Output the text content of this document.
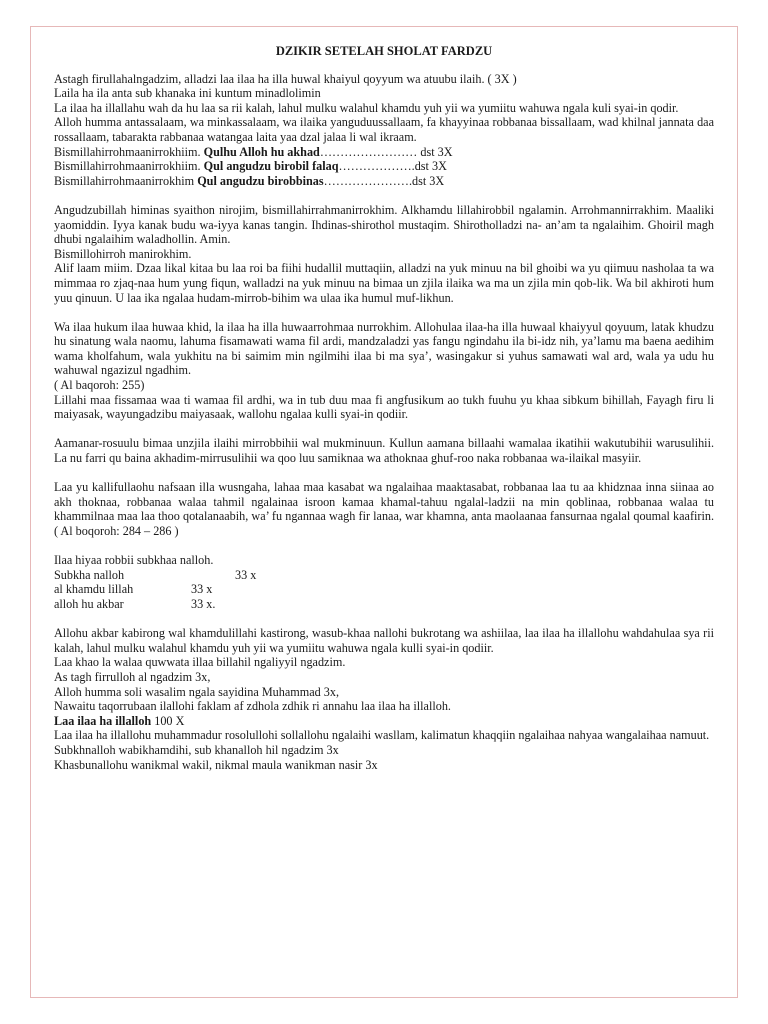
DZIKIR SETELAH SHOLAT FARDZU

Astagh firullahalngadzim, alladzi laa ilaa ha illa huwal khaiyul qoyyum wa atuubu ilaih. ( 3X )

Laila ha ila anta sub khanaka ini kuntum minadlolimin

La ilaa ha illallahu wah da hu laa sa rii kalah, lahul mulku walahul khamdu yuh yii wa yumiitu wahuwa ngala kuli syai-in qodir.

Alloh humma antassalaam, wa minkassalaam, wa ilaika yanguduussallaam, fa khayyinaa robbanaa bissallaam, wad khilnal jannata daa rossallaam, tabarakta rabbanaa watangaa laita yaa dzal jalaa li wal ikraam.

Bismillahirrohmaanirrokhiim. Qulhu Alloh hu akhad…………………… dst 3X

Bismillahirrohmaanirrokhiim. Qul angudzu birobil falaq……………….dst 3X

Bismillahirrohmaanirrokhim Qul angudzu birobbinas………………….dst 3X

Angudzubillah himinas syaithon nirojim, bismillahirrahmanirrokhim. Alkhamdu lillahirobbil ngalamin. Arrohmannirrakhim. Maaliki yaomiddin. Iyya kanak budu wa-iyya kanas tangin. Ihdinas-shirothol mustaqim. Shirotholladzi na- an’am ta ngalaihim. Ghoiril magh dhubi ngalaihim waladhollin. Amin.

Bismillohirroh manirokhim.

Alif laam miim. Dzaa likal kitaa bu laa roi ba fiihi hudallil muttaqiin, alladzi na yuk minuu na bil ghoibi wa yu qiimuu nasholaa ta wa mimmaa ro zjaq-naa hum yung fiqun, walladzi na yuk minuu na bimaa un zjila ilaika wa ma un zjila min qob-lik. Wa bil akhiroti hum yuu qinuun. U laa ika ngalaa hudam-mirrob-bihim wa ulaa ika humul muf-likhun.

Wa ilaa hukum ilaa huwaa khid, la ilaa ha illa huwaarrohmaa nurrokhim. Allohulaa ilaa-ha illa huwaal khaiyyul qoyuum, latak khudzu hu sinatung wala naomu, lahuma fisamawati wama fil ardi, mandzaladzi yas fangu ngindahu ila bi-idz nih, ya’lamu ma baena aedihim wama kholfahum, wala yukhitu na bi saimim min ngilmihi ilaa bi ma sya’, wasingakur si yuhus samawati wal ard, wala ya udu hu wahuwal ngazizul ngadhim.

( Al baqoroh: 255)

Lillahi maa fissamaa waa ti wamaa fil ardhi, wa in tub duu maa fi angfusikum ao tukh fuuhu yu khaa sibkum bihillah, Fayagh firu li maiyasak, wayungadzibu maiyasaak, wallohu ngalaa kulli syai-in qodiir.

Aamanar-rosuulu bimaa unzjila ilaihi mirrobbihii wal mukminuun. Kullun aamana billaahi wamalaa ikatihii wakutubihii warusulihii. La nu farri qu baina akhadim-mirrusulihii wa qoo luu samiknaa wa athoknaa ghuf-roo naka robbanaa wa-ilaikal masyiir.

Laa yu kallifullaohu nafsaan illa wusngaha, lahaa maa kasabat wa ngalaihaa maaktasabat, robbanaa laa tu aa khidznaa inna siinaa ao akh thoknaa, robbanaa walaa tahmil ngalainaa isroon kamaa khamal-tahuu ngalal-ladzii na min qoblinaa, robbanaa walaa tu khammilnaa maa laa thoo qotalanaabih, wa’ fu ngannaa wagh fir lanaa, war khamna, anta maolaanaa fansurnaa ngalal qoumal kaafirin. ( Al boqoroh: 284 – 286 )

Ilaa hiyaa robbii subkhaa nalloh.

Subkha nalloh	33 x
al khamdu lillah	33 x
alloh hu akbar	33 x.

Allohu akbar kabirong wal khamdulillahi kastirong, wasub-khaa nallohi bukrotang wa ashiilaa, laa ilaa ha illallohu wahdahulaa sya rii kalah, lahul mulku walahul khamdu yuh yii wa yumiitu wahuwa ngala kulli syai-in qodiir.

Laa khao la walaa quwwata illaa billahil ngaliyyil ngadzim.

As tagh firrulloh al ngadzim 3x,

Alloh humma soli wasalim ngala sayidina Muhammad 3x,

Nawaitu taqorrubaan ilallohi faklam af zdhola zdhik ri annahu laa ilaa ha illalloh.

Laa ilaa ha illalloh 100 X

Laa ilaa ha illallohu muhammadur rosolullohi sollallohu ngalaihi wasllam, kalimatun khaqqiin ngalaihaa nahyaa wangalaihaa namuut.

Subkhnalloh wabikhamdihi, sub khanalloh hil ngadzim 3x

Khasbunallohu wanikmal wakil, nikmal maula wanikman nasir 3x
